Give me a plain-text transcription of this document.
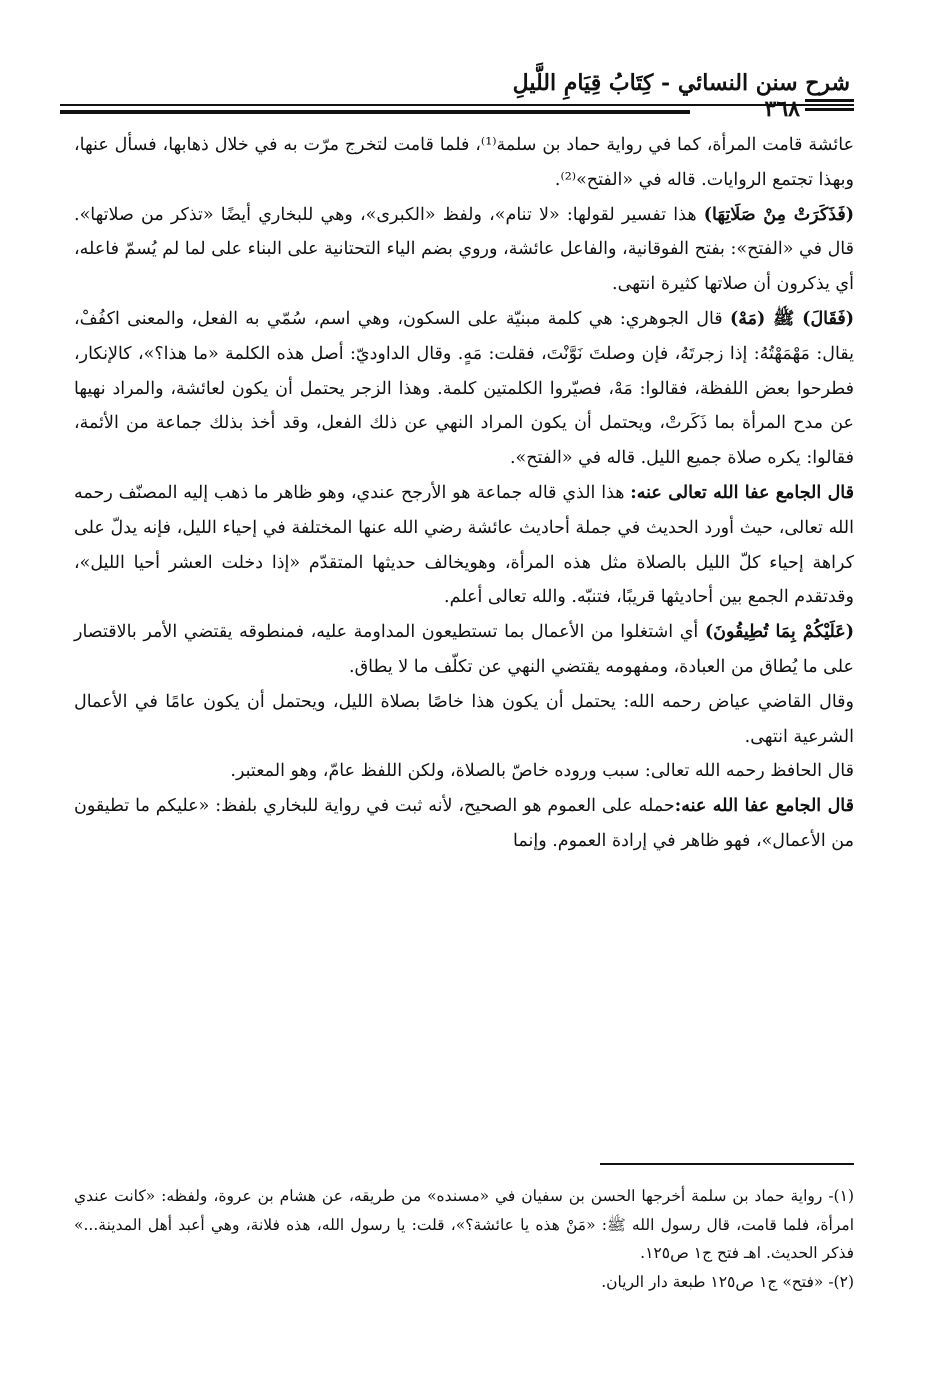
شرح سنن النسائي - كِتَابُ قِيَامِ اللَّيلِ
٣٦٨

عائشة قامت المرأة، كما في رواية حماد بن سلمة⁽¹⁾، فلما قامت لتخرج مرّت به في خلال ذهابها، فسأل عنها، وبهذا تجتمع الروايات. قاله في «الفتح»⁽²⁾.

(فَذَكَرَتْ مِنْ صَلَاتِهَا) هذا تفسير لقولها: «لا تنام»، ولفظ «الكبرى»، وهي للبخاري أيضًا «تذكر من صلاتها». قال في «الفتح»: بفتح الفوقانية، والفاعل عائشة، وروي بضم الياء التحتانية على البناء على لما لم يُسمّ فاعله، أي يذكرون أن صلاتها كثيرة انتهى.

(فَقَالَ) ﷺ (مَهْ) قال الجوهري: هي كلمة مبنيّة على السكون، وهي اسم، سُمّي به الفعل، والمعنى اكفُفْ، يقال: مَهْمَهْتُهُ: إذا زجرتَهُ، فإن وصلتَ نَوَّنْتَ، فقلت: مَهٍ. وقال الداوديّ: أصل هذه الكلمة «ما هذا؟»، كالإنكار، فطرحوا بعض اللفظة، فقالوا: مَهْ، فصيّروا الكلمتين كلمة. وهذا الزجر يحتمل أن يكون لعائشة، والمراد نهيها عن مدح المرأة بما ذَكَرتْ، ويحتمل أن يكون المراد النهي عن ذلك الفعل، وقد أخذ بذلك جماعة من الأئمة، فقالوا: يكره صلاة جميع الليل. قاله في «الفتح».

قال الجامع عفا الله تعالى عنه: هذا الذي قاله جماعة هو الأرجح عندي، وهو ظاهر ما ذهب إليه المصنّف رحمه الله تعالى، حيث أورد الحديث في جملة أحاديث عائشة رضي الله عنها المختلفة في إحياء الليل، فإنه يدلّ على كراهة إحياء كلّ الليل بالصلاة مثل هذه المرأة، وهويخالف حديثها المتقدّم «إذا دخلت العشر أحيا الليل»، وقدتقدم الجمع بين أحاديثها قريبًا، فتنبّه. والله تعالى أعلم.

(عَلَيْكُمْ بِمَا تُطِيقُونَ) أي اشتغلوا من الأعمال بما تستطيعون المداومة عليه، فمنطوقه يقتضي الأمر بالاقتصار على ما يُطاق من العبادة، ومفهومه يقتضي النهي عن تكلّف ما لا يطاق.

وقال القاضي عياض رحمه الله: يحتمل أن يكون هذا خاصًا بصلاة الليل، ويحتمل أن يكون عامًا في الأعمال الشرعية انتهى.

قال الحافظ رحمه الله تعالى: سبب وروده خاصّ بالصلاة، ولكن اللفظ عامّ، وهو المعتبر.

قال الجامع عفا الله عنه:حمله على العموم هو الصحيح، لأنه ثبت في رواية للبخاري بلفظ: «عليكم ما تطيقون من الأعمال»، فهو ظاهر في إرادة العموم. وإنما

(١)- رواية حماد بن سلمة أخرجها الحسن بن سفيان في «مسنده» من طريقه، عن هشام بن عروة، ولفظه: «كانت عندي امرأة، فلما قامت، قال رسول الله ﷺ: «مَنْ هذه يا عائشة؟»، قلت: يا رسول الله، هذه فلانة، وهي أعبد أهل المدينة...» فذكر الحديث. اهـ فتح ج١ ص١٢٥.

(٢)- «فتح» ج١ ص١٢٥ طبعة دار الريان.
